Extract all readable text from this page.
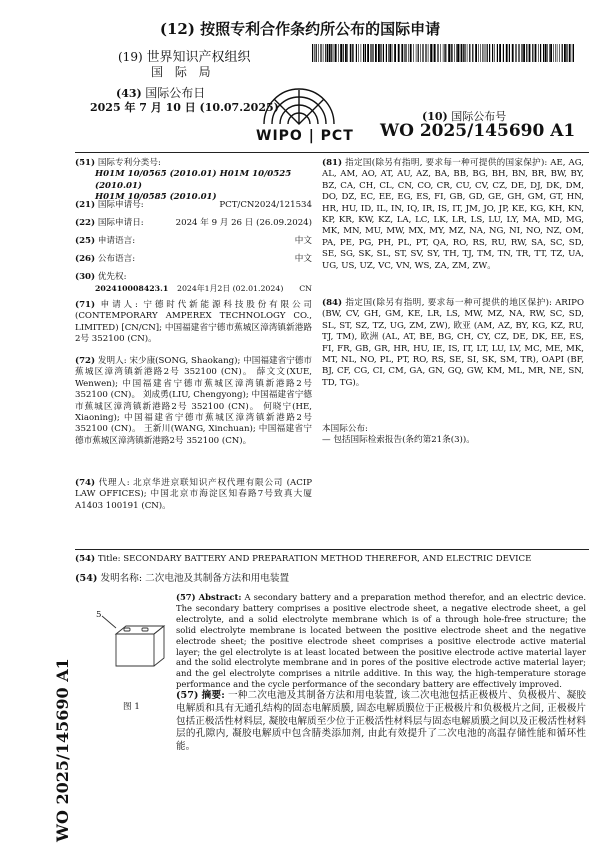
(12) 按照专利合作条约所公布的国际申请
(19) 世界知识产权组织
国 际 局
(43) 国际公布日
2025 年 7 月 10 日 (10.07.2025)
WIPO | PCT
(10) 国际公布号
WO 2025/145690 A1
(51) 国际专利分类号:
H01M 10/0565 (2010.01) H01M 10/0525 (2010.01)
H01M 10/0585 (2010.01)
(21) 国际申请号:	PCT/CN2024/121534
(22) 国际申请日:	2024 年 9 月 26 日 (26.09.2024)
(25) 申请语言:	中文
(26) 公布语言:	中文
(30) 优先权:
202410008423.1 2024年1月2日 (02.01.2024) CN
(71) 申请人: 宁德时代新能源科技股份有限公司 (CONTEMPORARY AMPEREX TECHNOLOGY CO., LIMITED) [CN/CN]; 中国福建省宁德市蕉城区漳湾镇新港路2号 352100 (CN)。
(72) 发明人: 宋少康(SONG, Shaokang); 中国福建省宁德市蕉城区漳湾镇新港路2号 352100 (CN)。 薛文文(XUE, Wenwen); 中国福建省宁德市蕉城区漳湾镇新港路2号 352100 (CN)。 刘成勇(LIU, Chengyong); 中国福建省宁德市蕉城区漳湾镇新港路2号 352100 (CN)。 何晓宁(HE, Xiaoning); 中国福建省宁德市蕉城区漳湾镇新港路2号 352100 (CN)。 王新川(WANG, Xinchuan); 中国福建省宁德市蕉城区漳湾镇新港路2号 352100 (CN)。
(74) 代理人: 北京华进京联知识产权代理有限公司 (ACIP LAW OFFICES); 中国北京市海淀区知春路7号致真大厦A1403 100191 (CN)。
(81) 指定国(除另有指明, 要求每一种可提供的国家保护): AE, AG, AL, AM, AO, AT, AU, AZ, BA, BB, BG, BH, BN, BR, BW, BY, BZ, CA, CH, CL, CN, CO, CR, CU, CV, CZ, DE, DJ, DK, DM, DO, DZ, EC, EE, EG, ES, FI, GB, GD, GE, GH, GM, GT, HN, HR, HU, ID, IL, IN, IQ, IR, IS, IT, JM, JO, JP, KE, KG, KH, KN, KP, KR, KW, KZ, LA, LC, LK, LR, LS, LU, LY, MA, MD, MG, MK, MN, MU, MW, MX, MY, MZ, NA, NG, NI, NO, NZ, OM, PA, PE, PG, PH, PL, PT, QA, RO, RS, RU, RW, SA, SC, SD, SE, SG, SK, SL, ST, SV, SY, TH, TJ, TM, TN, TR, TT, TZ, UA, UG, US, UZ, VC, VN, WS, ZA, ZM, ZW。
(84) 指定国(除另有指明, 要求每一种可提供的地区保护): ARIPO (BW, CV, GH, GM, KE, LR, LS, MW, MZ, NA, RW, SC, SD, SL, ST, SZ, TZ, UG, ZM, ZW), 欧亚 (AM, AZ, BY, KG, KZ, RU, TJ, TM), 欧洲 (AL, AT, BE, BG, CH, CY, CZ, DE, DK, EE, ES, FI, FR, GB, GR, HR, HU, IE, IS, IT, LT, LU, LV, MC, ME, MK, MT, NL, NO, PL, PT, RO, RS, SE, SI, SK, SM, TR), OAPI (BF, BJ, CF, CG, CI, CM, GA, GN, GQ, GW, KM, ML, MR, NE, SN, TD, TG)。
本国际公布:
— 包括国际检索报告(条约第21条(3))。
(54) Title: SECONDARY BATTERY AND PREPARATION METHOD THEREFOR, AND ELECTRIC DEVICE
(54) 发明名称: 二次电池及其制备方法和用电装置
WO 2025/145690 A1
5
图 1
(57) Abstract: A secondary battery and a preparation method therefor, and an electric device. The secondary battery comprises a positive electrode sheet, a negative electrode sheet, a gel electrolyte, and a solid electrolyte membrane which is of a through hole-free structure; the solid electrolyte membrane is located between the positive electrode sheet and the negative electrode sheet; the positive electrode sheet comprises a positive electrode active material layer; the gel electrolyte is at least located between the positive electrode active material layer and the solid electrolyte membrane and in pores of the positive electrode active material layer; and the gel electrolyte comprises a nitrile additive. In this way, the high-temperature storage performance and the cycle performance of the secondary battery are effectively improved.
(57) 摘要: 一种二次电池及其制备方法和用电装置, 该二次电池包括正极极片、负极极片、凝胶电解质和具有无通孔结构的固态电解质膜, 固态电解质膜位于正极极片和负极极片之间, 正极极片包括正极活性材料层, 凝胶电解质至少位于正极活性材料层与固态电解质膜之间以及正极活性材料层的孔隙内, 凝胶电解质中包含腈类添加剂, 由此有效提升了二次电池的高温存储性能和循环性能。
